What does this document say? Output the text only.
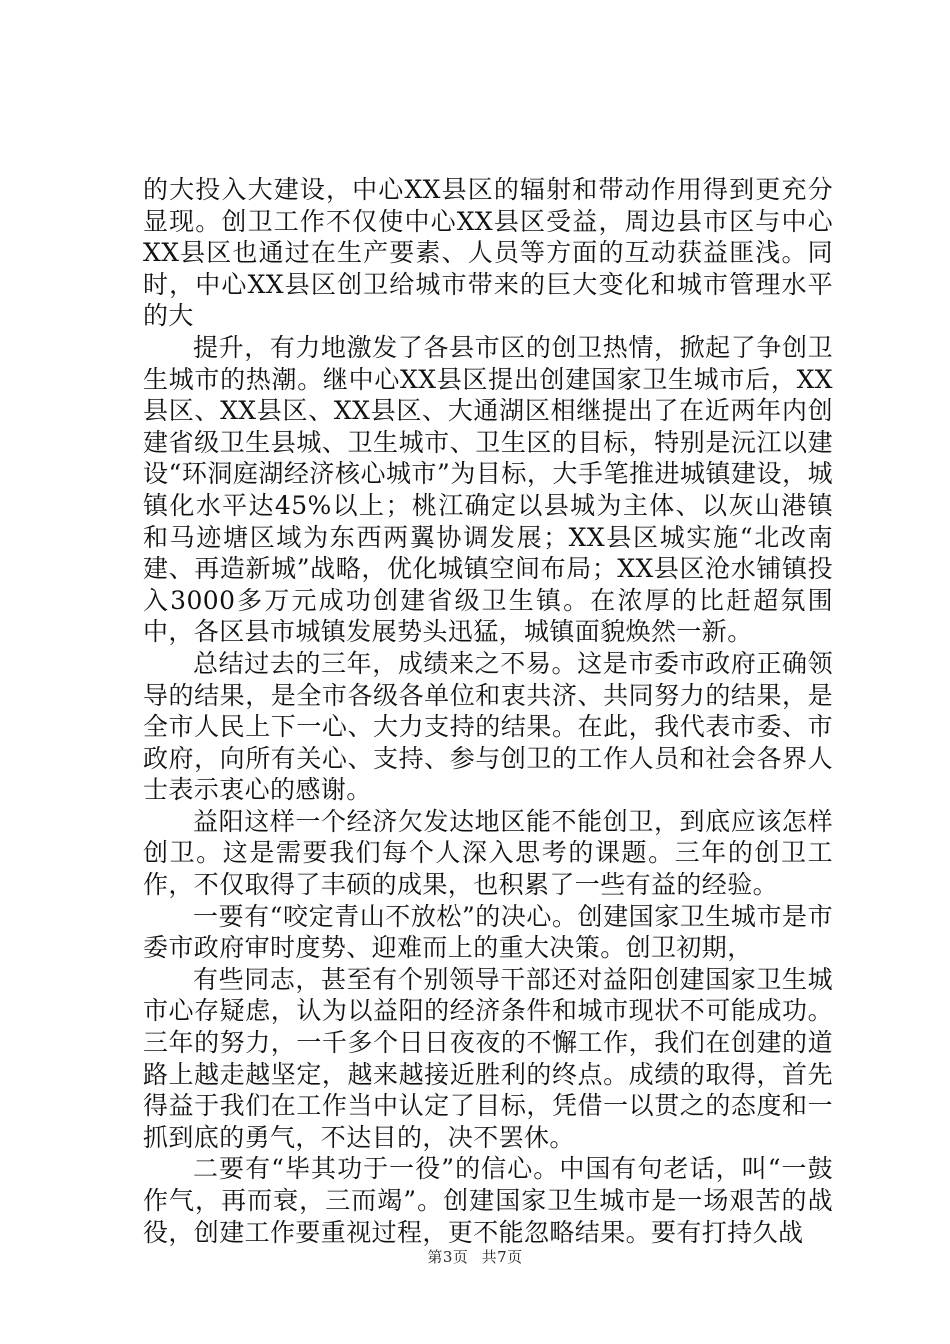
的大投入大建设，中心XX县区的辐射和带动作用得到更充分显现。创卫工作不仅使中心XX县区受益，周边县市区与中心XX县区也通过在生产要素、人员等方面的互动获益匪浅。同时，中心XX县区创卫给城市带来的巨大变化和城市管理水平的大

提升，有力地激发了各县市区的创卫热情，掀起了争创卫生城市的热潮。继中心XX县区提出创建国家卫生城市后，XX县区、XX县区、XX县区、大通湖区相继提出了在近两年内创建省级卫生县城、卫生城市、卫生区的目标，特别是沅江以建设“环洞庭湖经济核心城市”为目标，大手笔推进城镇建设，城镇化水平达45%以上；桃江确定以县城为主体、以灰山港镇和马迹塘区域为东西两翼协调发展；XX县区城实施“北改南建、再造新城”战略，优化城镇空间布局；XX县区沧水铺镇投入3000多万元成功创建省级卫生镇。在浓厚的比赶超氛围中，各区县市城镇发展势头迅猛，城镇面貌焕然一新。

总结过去的三年，成绩来之不易。这是市委市政府正确领导的结果，是全市各级各单位和衷共济、共同努力的结果，是全市人民上下一心、大力支持的结果。在此，我代表市委、市政府，向所有关心、支持、参与创卫的工作人员和社会各界人士表示衷心的感谢。

益阳这样一个经济欠发达地区能不能创卫，到底应该怎样创卫。这是需要我们每个人深入思考的课题。三年的创卫工作，不仅取得了丰硕的成果，也积累了一些有益的经验。

一要有“咬定青山不放松”的决心。创建国家卫生城市是市委市政府审时度势、迎难而上的重大决策。创卫初期，

有些同志，甚至有个别领导干部还对益阳创建国家卫生城市心存疑虑，认为以益阳的经济条件和城市现状不可能成功。三年的努力，一千多个日日夜夜的不懈工作，我们在创建的道路上越走越坚定，越来越接近胜利的终点。成绩的取得，首先得益于我们在工作当中认定了目标，凭借一以贯之的态度和一抓到底的勇气，不达目的，决不罢休。

二要有“毕其功于一役”的信心。中国有句老话，叫“一鼓作气，再而衰，三而竭”。创建国家卫生城市是一场艰苦的战役，创建工作要重视过程，更不能忽略结果。要有打持久战

第3页 共7页
